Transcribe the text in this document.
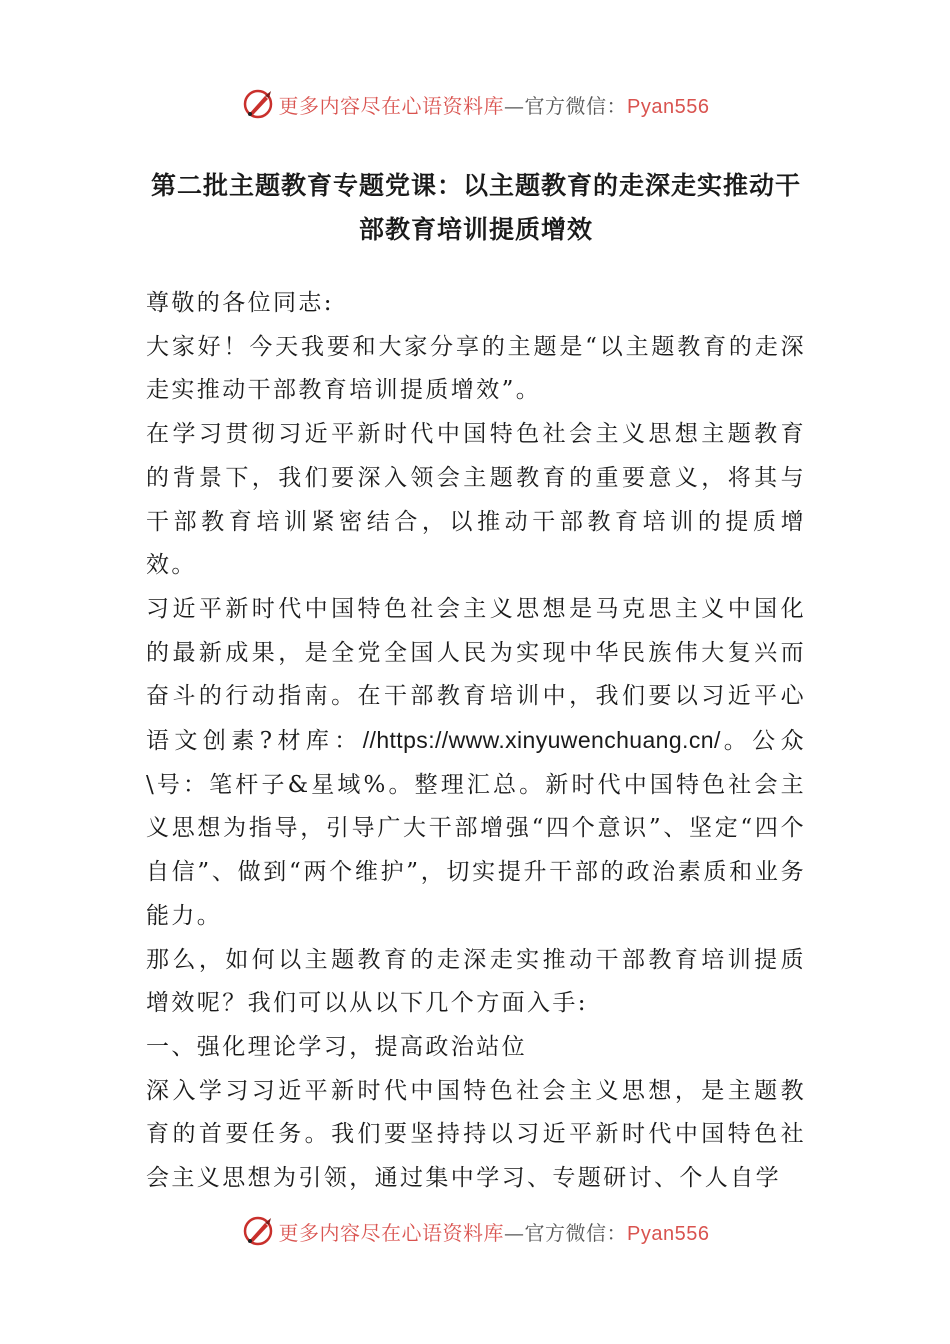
更多内容尽在心语资料库—官方微信：Pyan556
第二批主题教育专题党课：以主题教育的走深走实推动干部教育培训提质增效

尊敬的各位同志:

大家好！今天我要和大家分享的主题是“以主题教育的走深走实推动干部教育培训提质增效”。

在学习贯彻习近平新时代中国特色社会主义思想主题教育的背景下，我们要深入领会主题教育的重要意义，将其与干部教育培训紧密结合，以推动干部教育培训的提质增效。

习近平新时代中国特色社会主义思想是马克思主义中国化的最新成果，是全党全国人民为实现中华民族伟大复兴而奋斗的行动指南。在干部教育培训中，我们要以习近平心语文创素?材库：//https://www.xinyuwenchuang.cn/。公众\号：笔杆子&星域%。整理汇总。新时代中国特色社会主义思想为指导，引导广大干部增强“四个意识”、坚定“四个自信”、做到“两个维护”，切实提升干部的政治素质和业务能力。

那么，如何以主题教育的走深走实推动干部教育培训提质增效呢？我们可以从以下几个方面入手:

一、强化理论学习，提高政治站位

深入学习习近平新时代中国特色社会主义思想，是主题教育的首要任务。我们要坚持持以习近平新时代中国特色社会主义思想为引领，通过集中学习、专题研讨、个人自学

更多内容尽在心语资料库—官方微信：Pyan556
